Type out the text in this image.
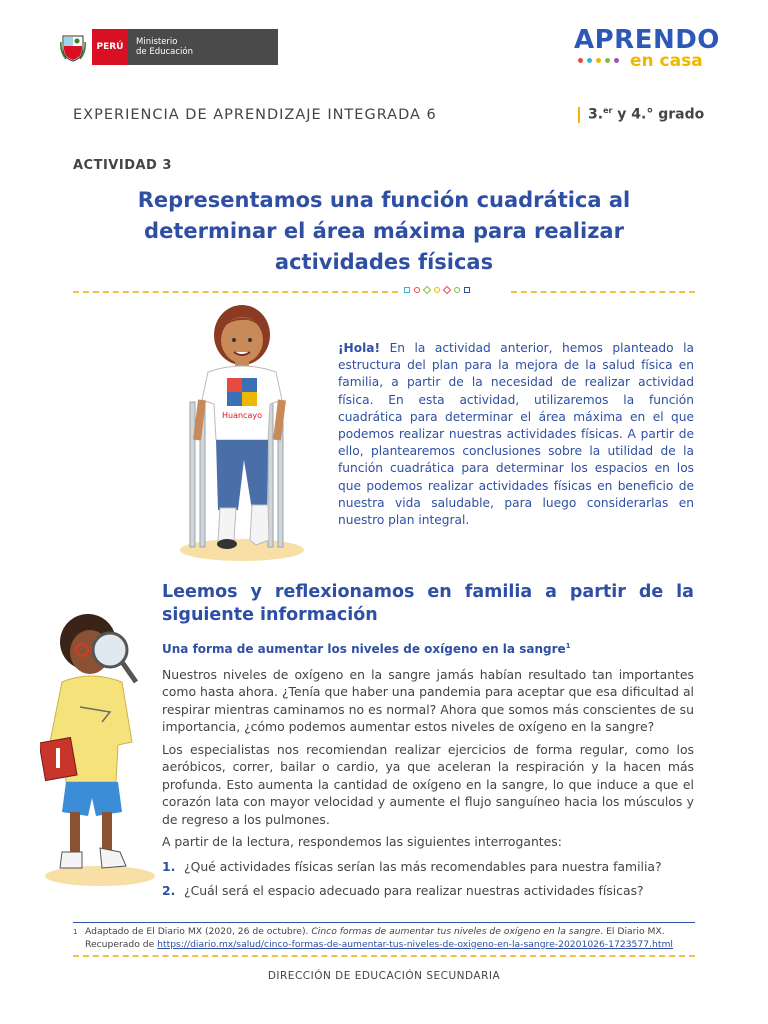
PERÚ	Ministerio
de Educación	APRENDO
en casa
EXPERIENCIA DE APRENDIZAJE INTEGRADA 6	3.$^{er}$ y 4.° grado
ACTIVIDAD 3
Representamos una función cuadrática al determinar el área máxima para realizar actividades físicas
Huancayo
¡Hola! En la actividad anterior, hemos planteado la estructura del plan para la mejora de la salud física en familia, a partir de la necesidad de realizar actividad física. En esta actividad, utilizaremos la función cuadrática para determinar el área máxima en el que podemos realizar nuestras actividades físicas. A partir de ello, plantearemos conclusiones sobre la utilidad de la función cuadrática para determinar los espacios en los que podemos realizar actividades físicas en beneficio de nuestra vida saludable, para luego considerarlas en nuestro plan integral.
Leemos y reflexionamos en familia a partir de la siguiente información
Una forma de aumentar los niveles de oxígeno en la sangre$^1$
Nuestros niveles de oxígeno en la sangre jamás habían resultado tan importantes como hasta ahora. ¿Tenía que haber una pandemia para aceptar que esa dificultad al respirar mientras caminamos no es normal? Ahora que somos más conscientes de su importancia, ¿cómo podemos aumentar estos niveles de oxígeno en la sangre?
Los especialistas nos recomiendan realizar ejercicios de forma regular, como los aeróbicos, correr, bailar o cardio, ya que aceleran la respiración y la hacen más profunda. Esto aumenta la cantidad de oxígeno en la sangre, lo que induce a que el corazón lata con mayor velocidad y aumente el flujo sanguíneo hacia los músculos y de regreso a los pulmones.
A partir de la lectura, respondemos las siguientes interrogantes:
1. ¿Qué actividades físicas serían las más recomendables para nuestra familia?
2. ¿Cuál será el espacio adecuado para realizar nuestras actividades físicas?
1 Adaptado de El Diario MX (2020, 26 de octubre). Cinco formas de aumentar tus niveles de oxígeno en la sangre. El Diario MX.
Recuperado de https://diario.mx/salud/cinco-formas-de-aumentar-tus-niveles-de-oxigeno-en-la-sangre-20201026-1723577.html
DIRECCIÓN DE EDUCACIÓN SECUNDARIA
